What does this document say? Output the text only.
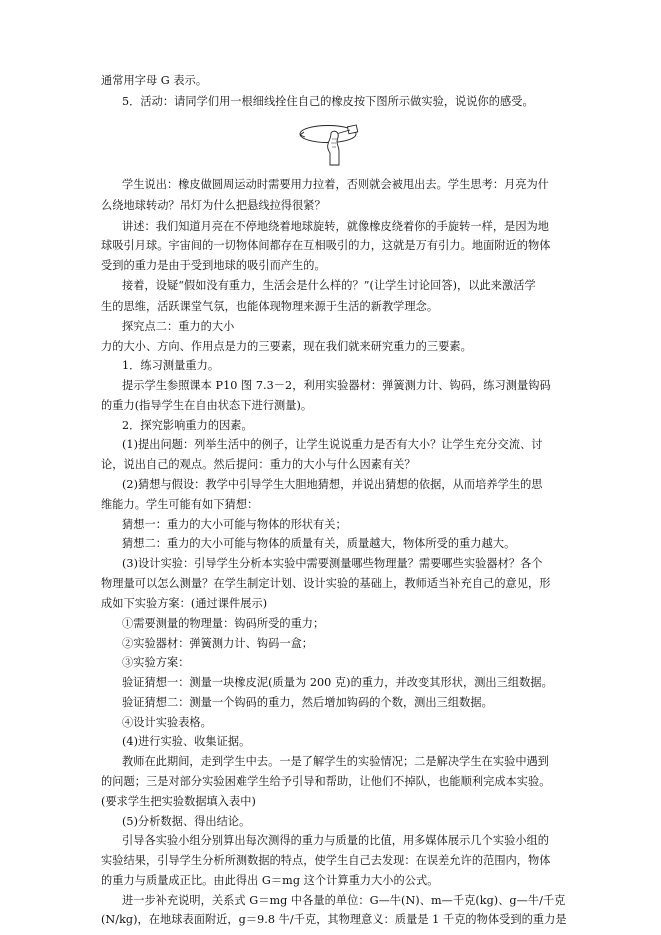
通常用字母 G 表示。
5．活动：请同学们用一根细线拴住自己的橡皮按下图所示做实验，说说你的感受。
学生说出：橡皮做圆周运动时需要用力拉着，否则就会被甩出去。学生思考：月亮为什
么绕地球转动？吊灯为什么把悬线拉得很紧？
讲述：我们知道月亮在不停地绕着地球旋转，就像橡皮绕着你的手旋转一样，是因为地
球吸引月球。宇宙间的一切物体间都存在互相吸引的力，这就是万有引力。地面附近的物体
受到的重力是由于受到地球的吸引而产生的。
接着，设疑“假如没有重力，生活会是什么样的？”(让学生讨论回答)，以此来激活学
生的思维，活跃课堂气氛，也能体现物理来源于生活的新教学理念。
探究点二：重力的大小
力的大小、方向、作用点是力的三要素，现在我们就来研究重力的三要素。
1．练习测量重力。
提示学生参照课本 P10 图 7.3－2，利用实验器材：弹簧测力计、钩码，练习测量钩码
的重力(指导学生在自由状态下进行测量)。
2．探究影响重力的因素。
(1)提出问题：列举生活中的例子，让学生说说重力是否有大小？让学生充分交流、讨
论，说出自己的观点。然后提问：重力的大小与什么因素有关？
(2)猜想与假设：教学中引导学生大胆地猜想，并说出猜想的依据，从而培养学生的思
维能力。学生可能有如下猜想：
猜想一：重力的大小可能与物体的形状有关；
猜想二：重力的大小可能与物体的质量有关，质量越大，物体所受的重力越大。
(3)设计实验：引导学生分析本实验中需要测量哪些物理量？需要哪些实验器材？各个
物理量可以怎么测量？在学生制定计划、设计实验的基础上，教师适当补充自己的意见，形
成如下实验方案：(通过课件展示)
①需要测量的物理量：钩码所受的重力；
②实验器材：弹簧测力计、钩码一盒；
③实验方案：
验证猜想一：测量一块橡皮泥(质量为 200 克)的重力，并改变其形状，测出三组数据。
验证猜想二：测量一个钩码的重力，然后增加钩码的个数，测出三组数据。
④设计实验表格。
(4)进行实验、收集证据。
教师在此期间，走到学生中去。一是了解学生的实验情况；二是解决学生在实验中遇到
的问题；三是对部分实验困难学生给予引导和帮助，让他们不掉队，也能顺利完成本实验。
(要求学生把实验数据填入表中)
(5)分析数据、得出结论。
引导各实验小组分别算出每次测得的重力与质量的比值，用多媒体展示几个实验小组的
实验结果，引导学生分析所测数据的特点，使学生自己去发现：在误差允许的范围内，物体
的重力与质量成正比。由此得出 G＝mg 这个计算重力大小的公式。
进一步补充说明，关系式 G＝mg 中各量的单位：G—牛(N)、m—千克(kg)、g—牛/千克
(N/kg)，在地球表面附近，g＝9.8 牛/千克，其物理意义：质量是 1 千克的物体受到的重力是
